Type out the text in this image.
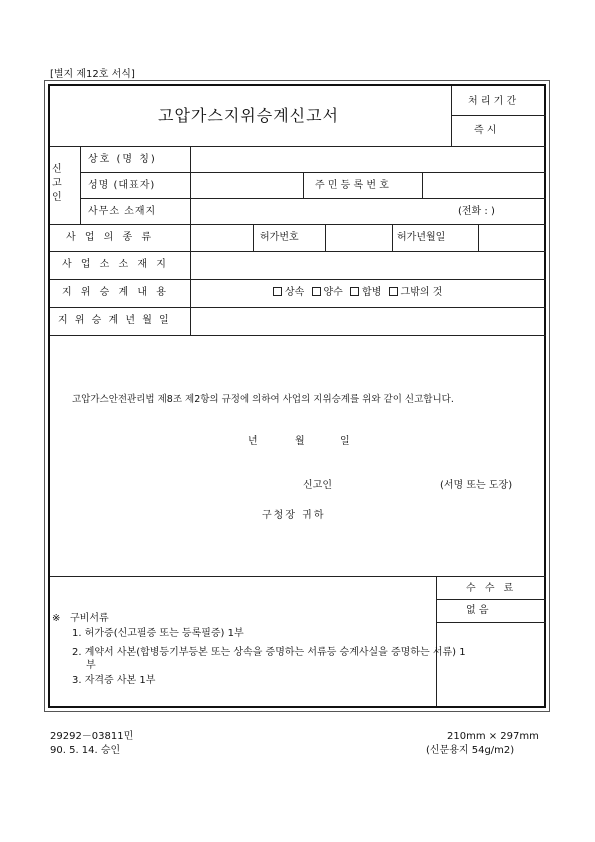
[별지 제12호 서식]
고압가스지위승계신고서
처 리 기 간
즉 시
신고인
상호 (명 칭)
성명 (대표자)	주 민 등 록 번 호
사무소 소재지	(전화 : )
사 업 의 종 류	허가번호	허가년월일
사 업 소 소 재 지
지 위 승 계 내 용	상속 양수 합병 그밖의 것
지 위 승 계 년 월 일
고압가스안전관리법 제8조 제2항의 규정에 의하여 사업의 지위승계를 위와 같이 신고합니다.
년	월	일
신고인	(서명 또는 도장)
구청장 귀하
수 수 료
없 음
※ 구비서류
1. 허가증(신고필증 또는 등록필증) 1부
2. 계약서 사본(합병등기부등본 또는 상속을 증명하는 서류등 승계사실을 증명하는 서류) 1
부
3. 자격증 사본 1부
29292－03811민
90. 5. 14. 승인
210mm × 297mm
(신문용지 54g/m2)
